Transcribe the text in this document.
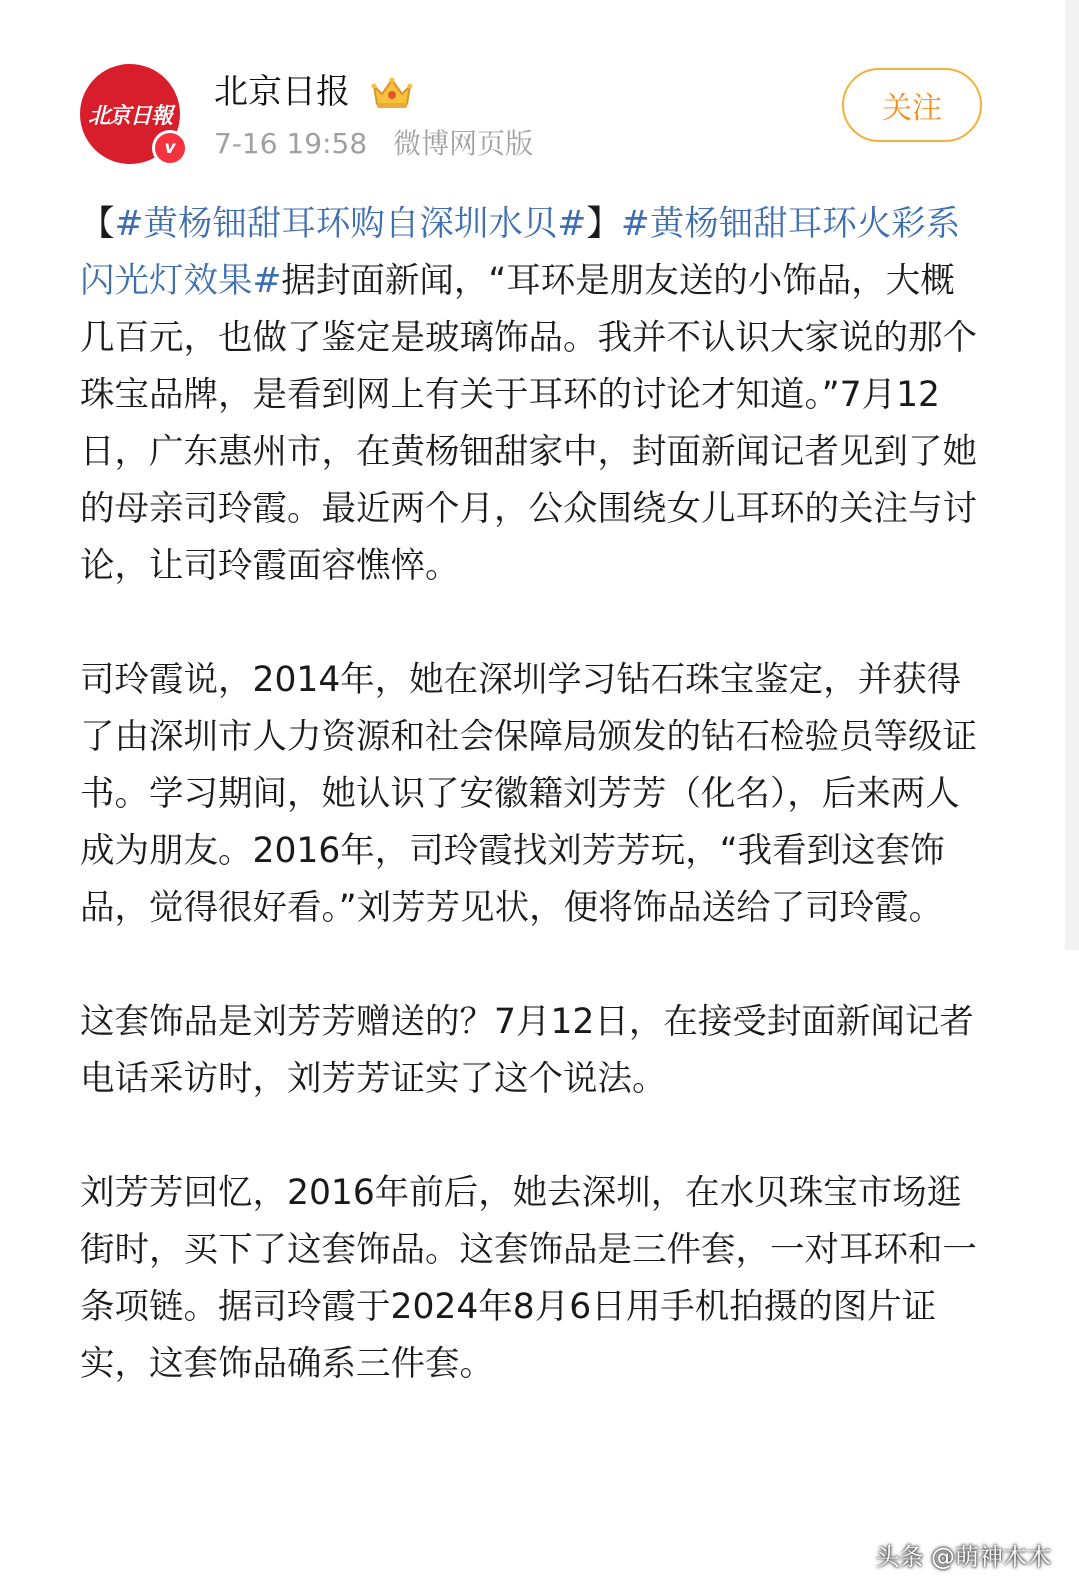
北京日報
v
北京日报
7-16 19:58 微博网页版
关注

【#黄杨钿甜耳环购自深圳水贝#】#黄杨钿甜耳环火彩系闪光灯效果#据封面新闻，“耳环是朋友送的小饰品，大概几百元，也做了鉴定是玻璃饰品。我并不认识大家说的那个珠宝品牌，是看到网上有关于耳环的讨论才知道。”7月12日，广东惠州市，在黄杨钿甜家中，封面新闻记者见到了她的母亲司玲霞。最近两个月，公众围绕女儿耳环的关注与讨论，让司玲霞面容憔悴。

司玲霞说，2014年，她在深圳学习钻石珠宝鉴定，并获得了由深圳市人力资源和社会保障局颁发的钻石检验员等级证书。学习期间，她认识了安徽籍刘芳芳（化名），后来两人成为朋友。2016年，司玲霞找刘芳芳玩，“我看到这套饰品，觉得很好看。”刘芳芳见状，便将饰品送给了司玲霞。

这套饰品是刘芳芳赠送的？7月12日，在接受封面新闻记者电话采访时，刘芳芳证实了这个说法。

刘芳芳回忆，2016年前后，她去深圳，在水贝珠宝市场逛街时，买下了这套饰品。这套饰品是三件套，一对耳环和一条项链。据司玲霞于2024年8月6日用手机拍摄的图片证实，这套饰品确系三件套。

头条 @萌神木木
